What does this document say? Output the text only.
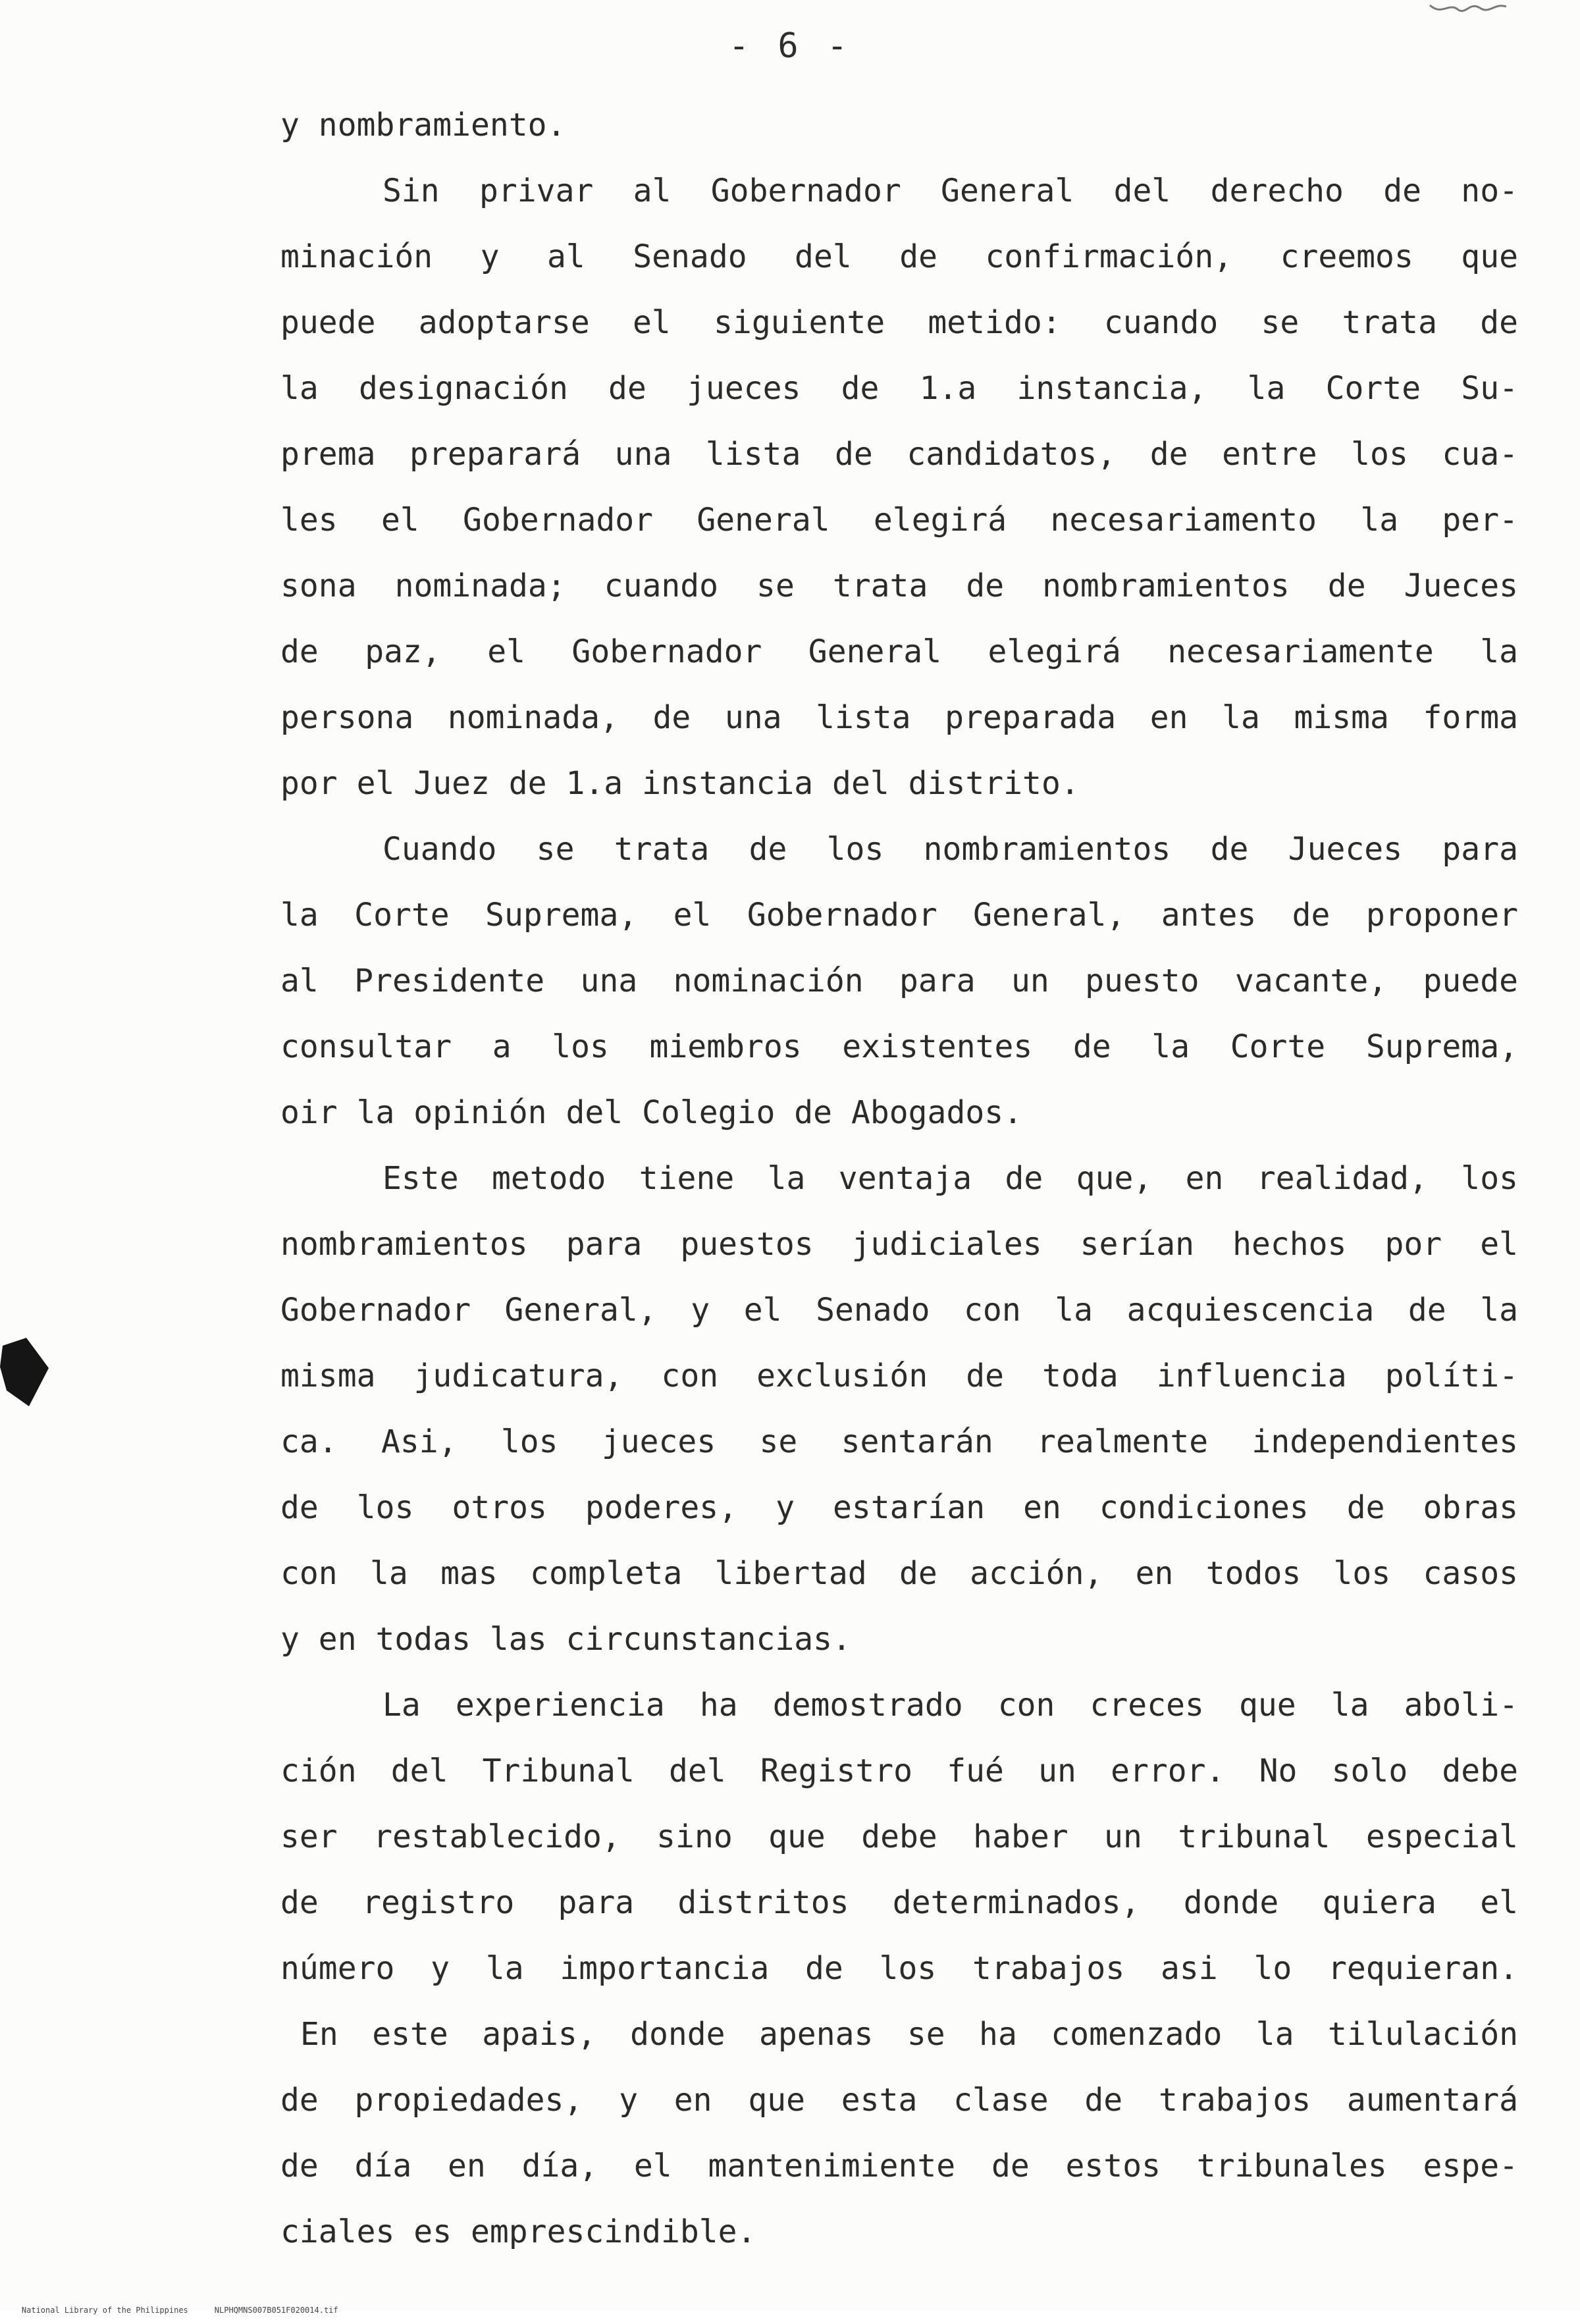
- 6 -
y nombramiento.
Sin privar al Gobernador General del derecho de no-
minación y al Senado del de confirmación, creemos que
puede adoptarse el siguiente metido: cuando se trata de
la designación de jueces de 1.a instancia, la Corte Su-
prema preparará una lista de candidatos, de entre los cua-
les el Gobernador General elegirá necesariamento la per-
sona nominada; cuando se trata de nombramientos de Jueces
de paz, el Gobernador General elegirá necesariamente la
persona nominada, de una lista preparada en la misma forma
por el Juez de 1.a instancia del distrito.
Cuando se trata de los nombramientos de Jueces para
la Corte Suprema, el Gobernador General, antes de proponer
al Presidente una nominación para un puesto vacante, puede
consultar a los miembros existentes de la Corte Suprema,
oir la opinión del Colegio de Abogados.
Este metodo tiene la ventaja de que, en realidad, los
nombramientos para puestos judiciales serían hechos por el
Gobernador General, y el Senado con la acquiescencia de la
misma judicatura, con exclusión de toda influencia políti-
ca. Asi, los jueces se sentarán realmente independientes
de los otros poderes, y estarían en condiciones de obras
con la mas completa libertad de acción, en todos los casos
y en todas las circunstancias.
La experiencia ha demostrado con creces que la aboli-
ción del Tribunal del Registro fué un error. No solo debe
ser restablecido, sino que debe haber un tribunal especial
de registro para distritos determinados, donde quiera el
número y la importancia de los trabajos asi lo requieran.
En este apais, donde apenas se ha comenzado la tilulación
de propiedades, y en que esta clase de trabajos aumentará
de día en día, el mantenimiente de estos tribunales espe-
ciales es emprescindible.

National Library of the Philippines	NLPHQMNS007B051F020014.tif
